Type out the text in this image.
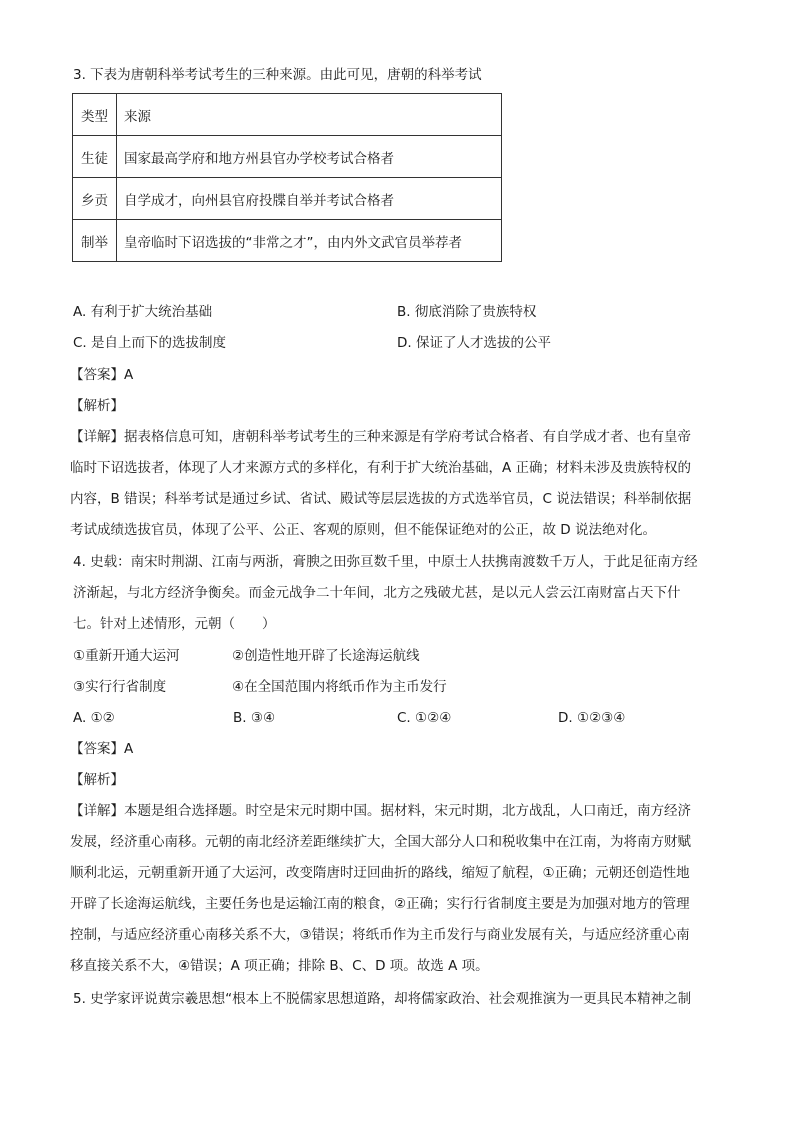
3. 下表为唐朝科举考试考生的三种来源。由此可见，唐朝的科举考试
类型	来源
生徒	国家最高学府和地方州县官办学校考试合格者
乡贡	自学成才，向州县官府投牒自举并考试合格者
制举	皇帝临时下诏选拔的“非常之才”，由内外文武官员举荐者
A. 有利于扩大统治基础	B. 彻底消除了贵族特权
C. 是自上而下的选拔制度	D. 保证了人才选拔的公平
【答案】A
【解析】
【详解】据表格信息可知，唐朝科举考试考生的三种来源是有学府考试合格者、有自学成才者、也有皇帝
临时下诏选拔者，体现了人才来源方式的多样化，有利于扩大统治基础，A 正确；材料未涉及贵族特权的
内容，B 错误；科举考试是通过乡试、省试、殿试等层层选拔的方式选举官员，C 说法错误；科举制依据
考试成绩选拔官员，体现了公平、公正、客观的原则，但不能保证绝对的公正，故 D 说法绝对化。
4. 史载：南宋时荆湖、江南与两浙，膏腴之田弥亘数千里，中原士人扶携南渡数千万人，于此足征南方经
济渐起，与北方经济争衡矣。而金元战争二十年间，北方之残破尤甚，是以元人尝云江南财富占天下什
七。针对上述情形，元朝（　　）
①重新开通大运河	②创造性地开辟了长途海运航线
③实行行省制度	④在全国范围内将纸币作为主币发行
A. ①②	B. ③④	C. ①②④	D. ①②③④
【答案】A
【解析】
【详解】本题是组合选择题。时空是宋元时期中国。据材料，宋元时期，北方战乱，人口南迁，南方经济
发展，经济重心南移。元朝的南北经济差距继续扩大，全国大部分人口和税收集中在江南，为将南方财赋
顺利北运，元朝重新开通了大运河，改变隋唐时迂回曲折的路线，缩短了航程，①正确；元朝还创造性地
开辟了长途海运航线，主要任务也是运输江南的粮食，②正确；实行行省制度主要是为加强对地方的管理
控制，与适应经济重心南移关系不大，③错误；将纸币作为主币发行与商业发展有关，与适应经济重心南
移直接关系不大，④错误；A 项正确；排除 B、C、D 项。故选 A 项。
5. 史学家评说黄宗羲思想“根本上不脱儒家思想道路，却将儒家政治、社会观推演为一更具民本精神之制
